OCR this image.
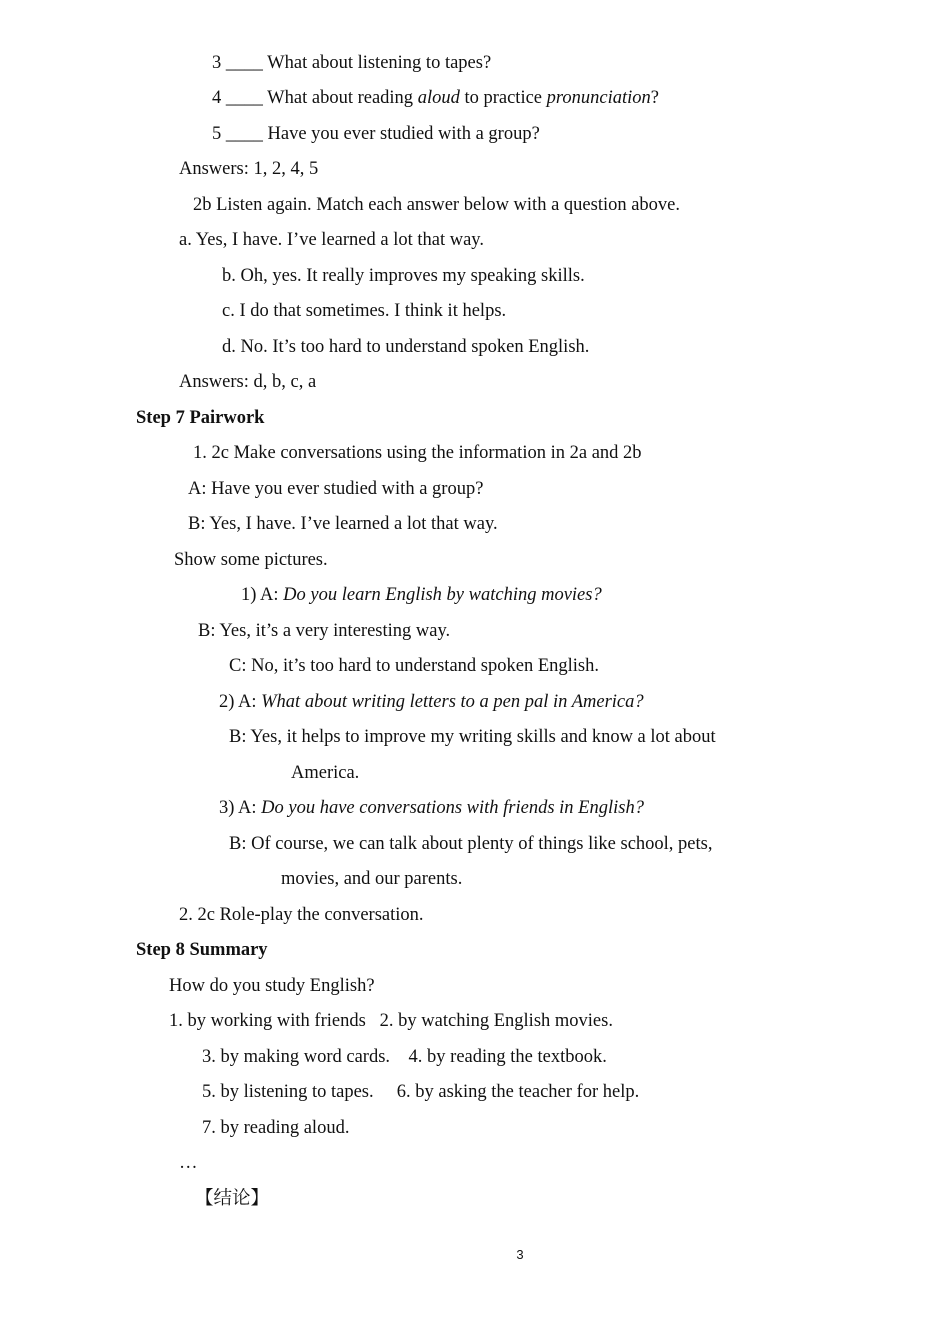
3 ____ What about listening to tapes?
4 ____ What about reading aloud to practice pronunciation?
5 ____ Have you ever studied with a group?
Answers: 1, 2, 4, 5
2b Listen again. Match each answer below with a question above.
a. Yes, I have. I’ve learned a lot that way.
b. Oh, yes. It really improves my speaking skills.
c. I do that sometimes. I think it helps.
d. No. It’s too hard to understand spoken English.
Answers: d, b, c, a
Step 7 Pairwork
1. 2c Make conversations using the information in 2a and 2b
A: Have you ever studied with a group?
B: Yes, I have. I’ve learned a lot that way.
Show some pictures.
1) A: Do you learn English by watching movies?
B: Yes, it’s a very interesting way.
C: No, it’s too hard to understand spoken English.
2) A: What about writing letters to a pen pal in America?
B: Yes, it helps to improve my writing skills and know a lot about
America.
3) A: Do you have conversations with friends in English?
B: Of course, we can talk about plenty of things like school, pets,
movies, and our parents.
2. 2c Role-play the conversation.
Step 8 Summary
How do you study English?
1. by working with friends   2. by watching English movies.
3. by making word cards.    4. by reading the textbook.
5. by listening to tapes.     6. by asking the teacher for help.
7. by reading aloud.
…
【结论】
3
